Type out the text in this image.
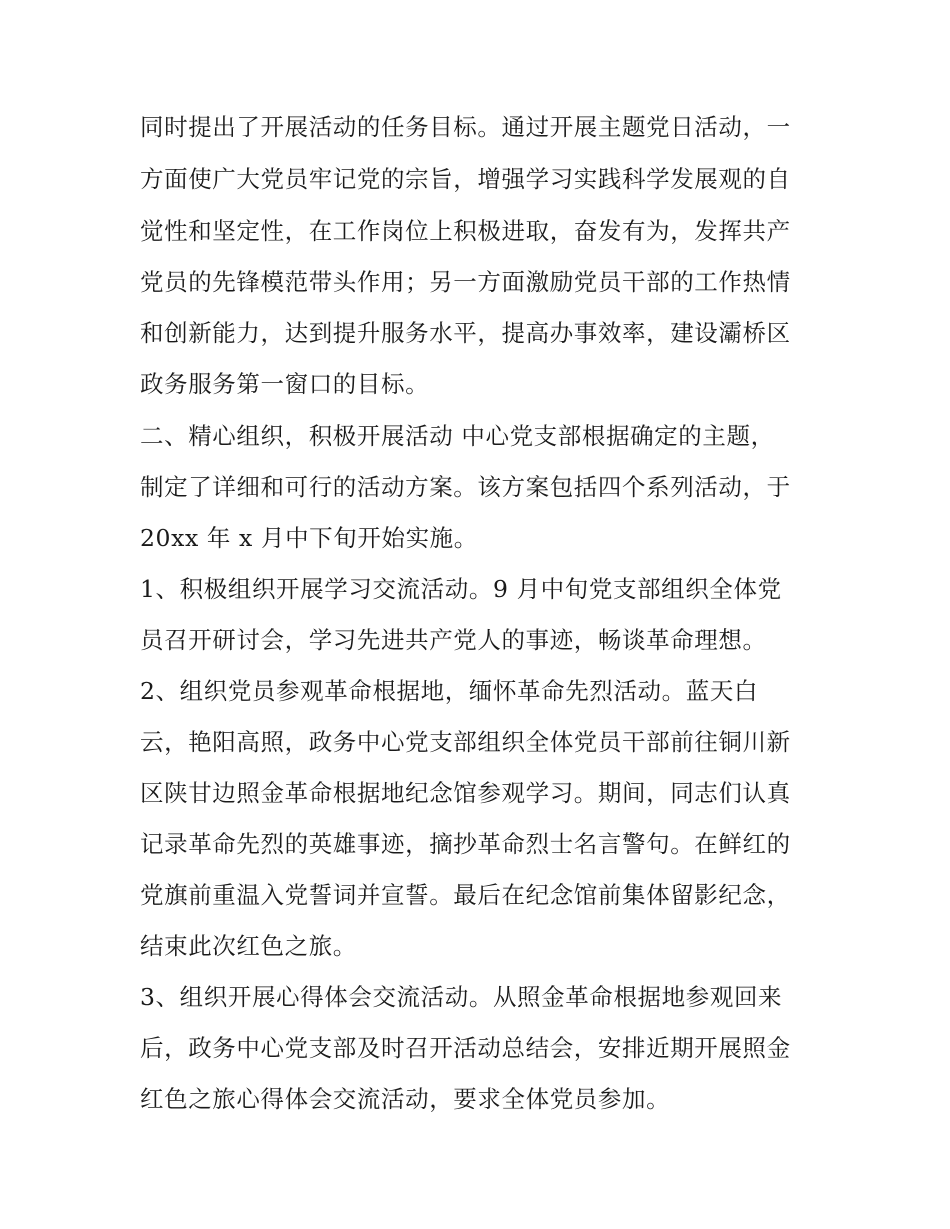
同时提出了开展活动的任务目标。通过开展主题党日活动，一
方面使广大党员牢记党的宗旨，增强学习实践科学发展观的自
觉性和坚定性，在工作岗位上积极进取，奋发有为，发挥共产
党员的先锋模范带头作用；另一方面激励党员干部的工作热情
和创新能力，达到提升服务水平，提高办事效率，建设灞桥区
政务服务第一窗口的目标。
二、精心组织，积极开展活动 中心党支部根据确定的主题，
制定了详细和可行的活动方案。该方案包括四个系列活动，于
20xx 年 x 月中下旬开始实施。
1、积极组织开展学习交流活动。9 月中旬党支部组织全体党
员召开研讨会，学习先进共产党人的事迹，畅谈革命理想。
2、组织党员参观革命根据地，缅怀革命先烈活动。蓝天白
云，艳阳高照，政务中心党支部组织全体党员干部前往铜川新
区陕甘边照金革命根据地纪念馆参观学习。期间，同志们认真
记录革命先烈的英雄事迹，摘抄革命烈士名言警句。在鲜红的
党旗前重温入党誓词并宣誓。最后在纪念馆前集体留影纪念，
结束此次红色之旅。
3、组织开展心得体会交流活动。从照金革命根据地参观回来
后，政务中心党支部及时召开活动总结会，安排近期开展照金
红色之旅心得体会交流活动，要求全体党员参加。
